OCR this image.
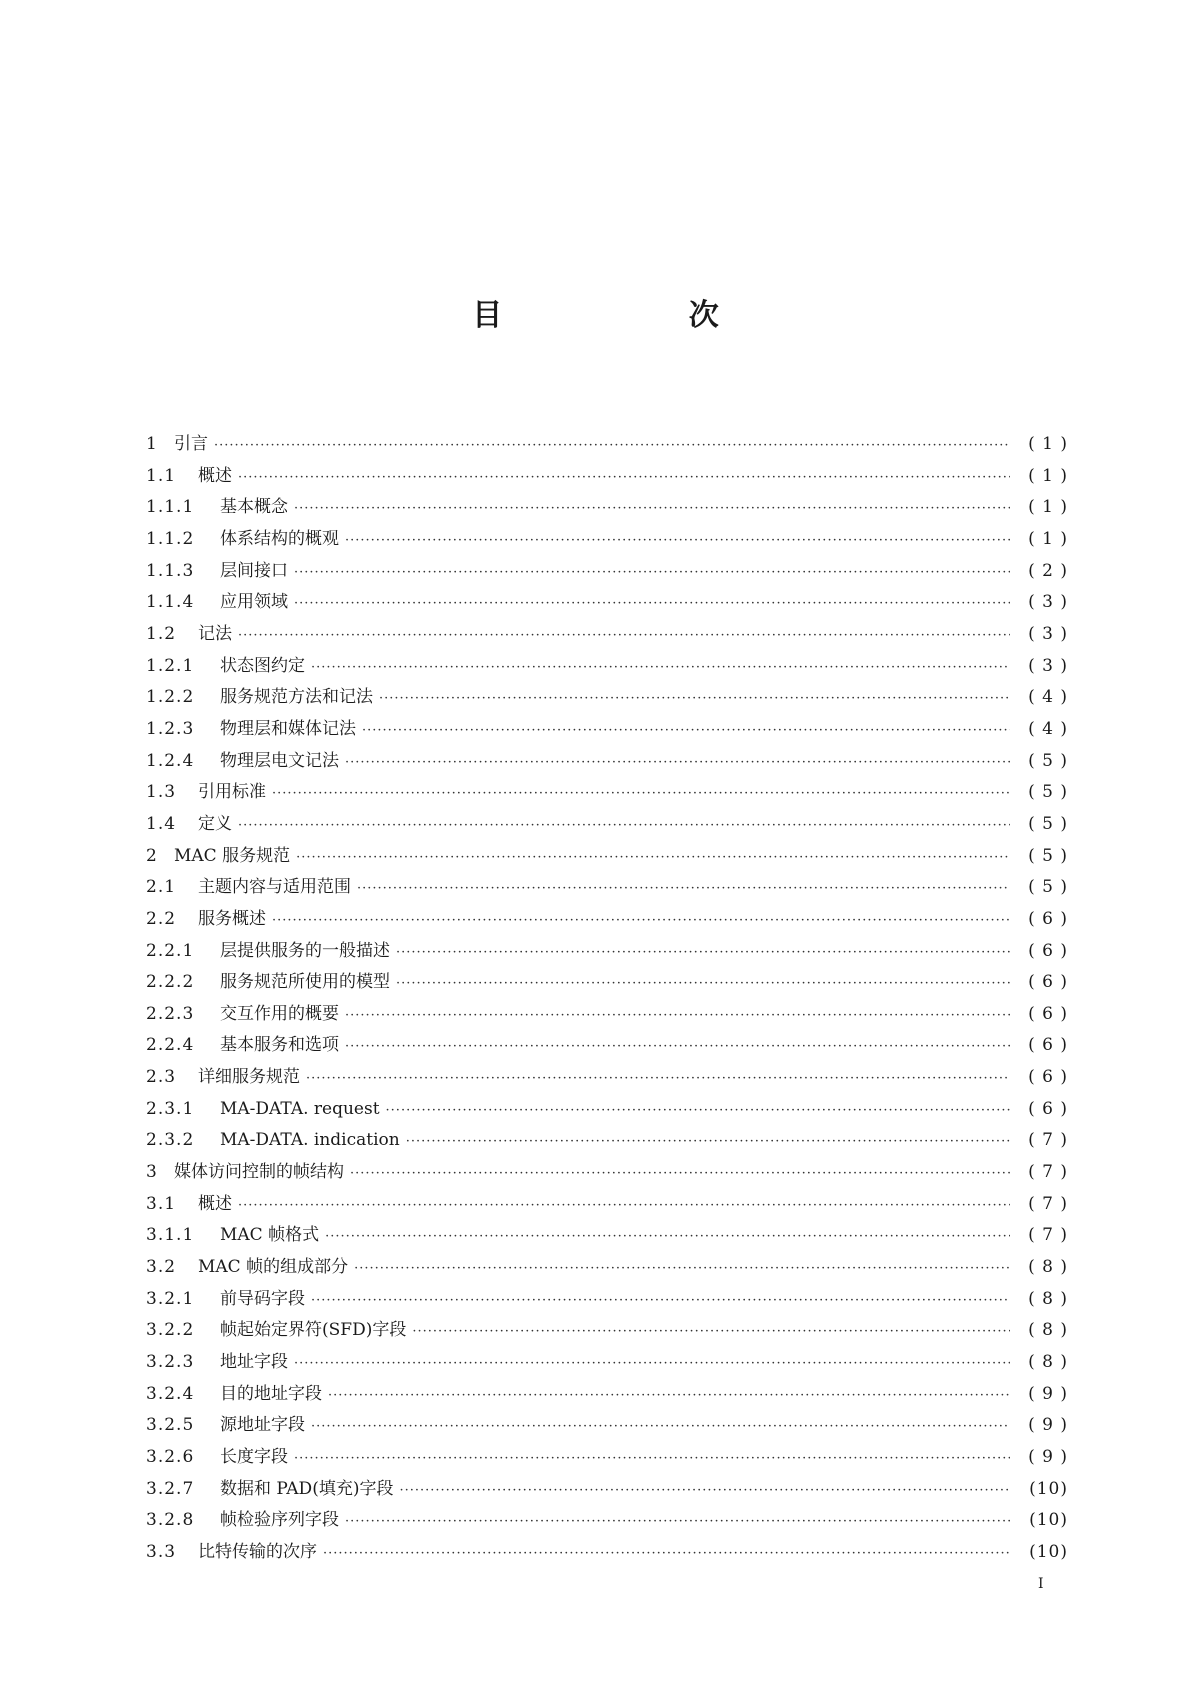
目 次
1 引言 ·····	( 1 )
1.1	概述 ·····	( 1 )
1.1.1	基本概念 ·····	( 1 )
1.1.2	体系结构的概观 ·····	( 1 )
1.1.3	层间接口 ·····	( 2 )
1.1.4	应用领域 ·····	( 3 )
1.2	记法 ·····	( 3 )
1.2.1	状态图约定 ·····	( 3 )
1.2.2	服务规范方法和记法 ·····	( 4 )
1.2.3	物理层和媒体记法 ·····	( 4 )
1.2.4	物理层电文记法 ·····	( 5 )
1.3	引用标准 ·····	( 5 )
1.4	定义 ·····	( 5 )
2 MAC 服务规范 ·····	( 5 )
2.1	主题内容与适用范围 ·····	( 5 )
2.2	服务概述 ·····	( 6 )
2.2.1	层提供服务的一般描述 ·····	( 6 )
2.2.2	服务规范所使用的模型 ·····	( 6 )
2.2.3	交互作用的概要 ·····	( 6 )
2.2.4	基本服务和选项 ·····	( 6 )
2.3	详细服务规范 ·····	( 6 )
2.3.1	MA-DATA. request ·····	( 6 )
2.3.2	MA-DATA. indication ·····	( 7 )
3 媒体访问控制的帧结构 ·····	( 7 )
3.1	概述 ·····	( 7 )
3.1.1	MAC 帧格式 ·····	( 7 )
3.2	MAC 帧的组成部分 ·····	( 8 )
3.2.1	前导码字段 ·····	( 8 )
3.2.2	帧起始定界符(SFD)字段 ·····	( 8 )
3.2.3	地址字段 ·····	( 8 )
3.2.4	目的地址字段 ·····	( 9 )
3.2.5	源地址字段 ·····	( 9 )
3.2.6	长度字段 ·····	( 9 )
3.2.7	数据和 PAD(填充)字段 ·····	(10)
3.2.8	帧检验序列字段 ·····	(10)
3.3	比特传输的次序 ·····	(10)
I
